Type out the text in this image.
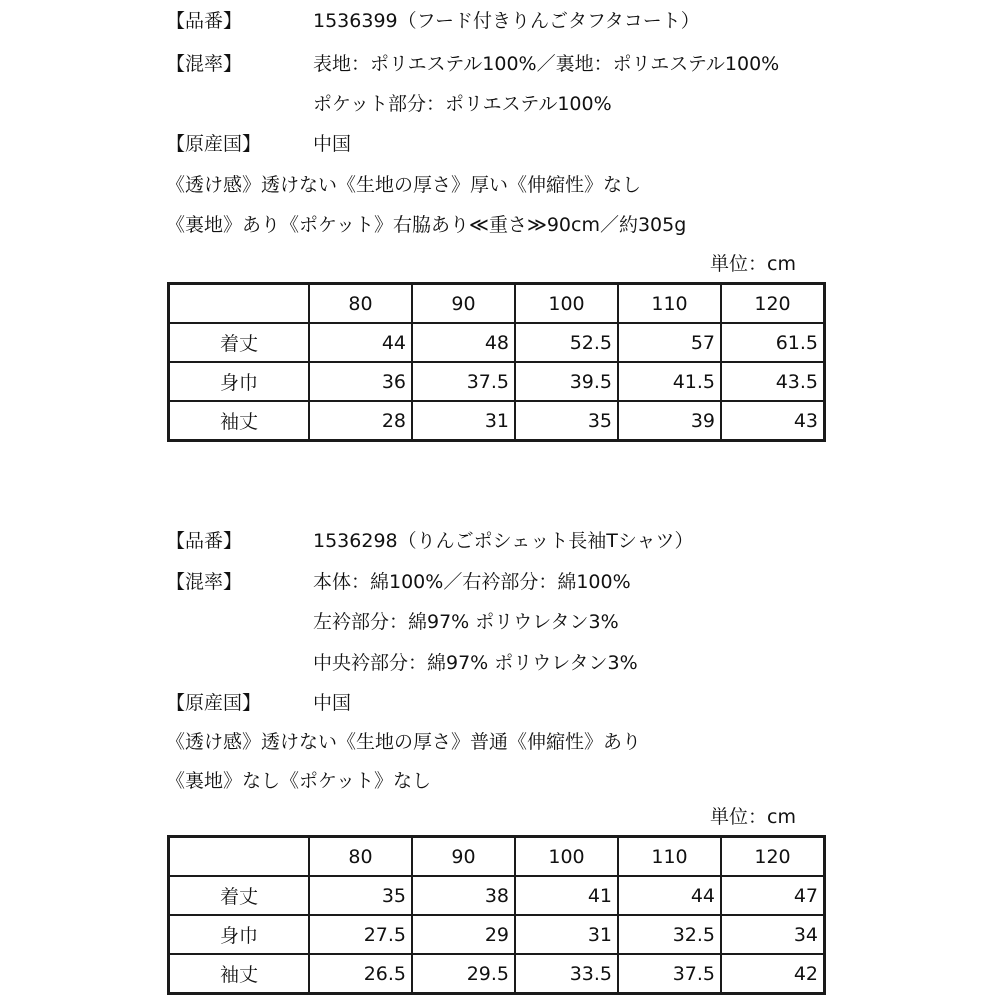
【品番】	1536399（フード付きりんごタフタコート）
【混率】	表地：ポリエステル100%／裏地：ポリエステル100%
ポケット部分：ポリエステル100%
【原産国】	中国
《透け感》透けない《生地の厚さ》厚い《伸縮性》なし
《裏地》あり《ポケット》右脇あり≪重さ≫90cm／約305g
単位：cm
	80	90	100	110	120
着丈	44	48	52.5	57	61.5
身巾	36	37.5	39.5	41.5	43.5
袖丈	28	31	35	39	43
【品番】	1536298（りんごポシェット長袖Tシャツ）
【混率】	本体：綿100%／右衿部分：綿100%
左衿部分：綿97% ポリウレタン3%
中央衿部分：綿97% ポリウレタン3%
【原産国】	中国
《透け感》透けない《生地の厚さ》普通《伸縮性》あり
《裏地》なし《ポケット》なし
単位：cm
	80	90	100	110	120
着丈	35	38	41	44	47
身巾	27.5	29	31	32.5	34
袖丈	26.5	29.5	33.5	37.5	42
